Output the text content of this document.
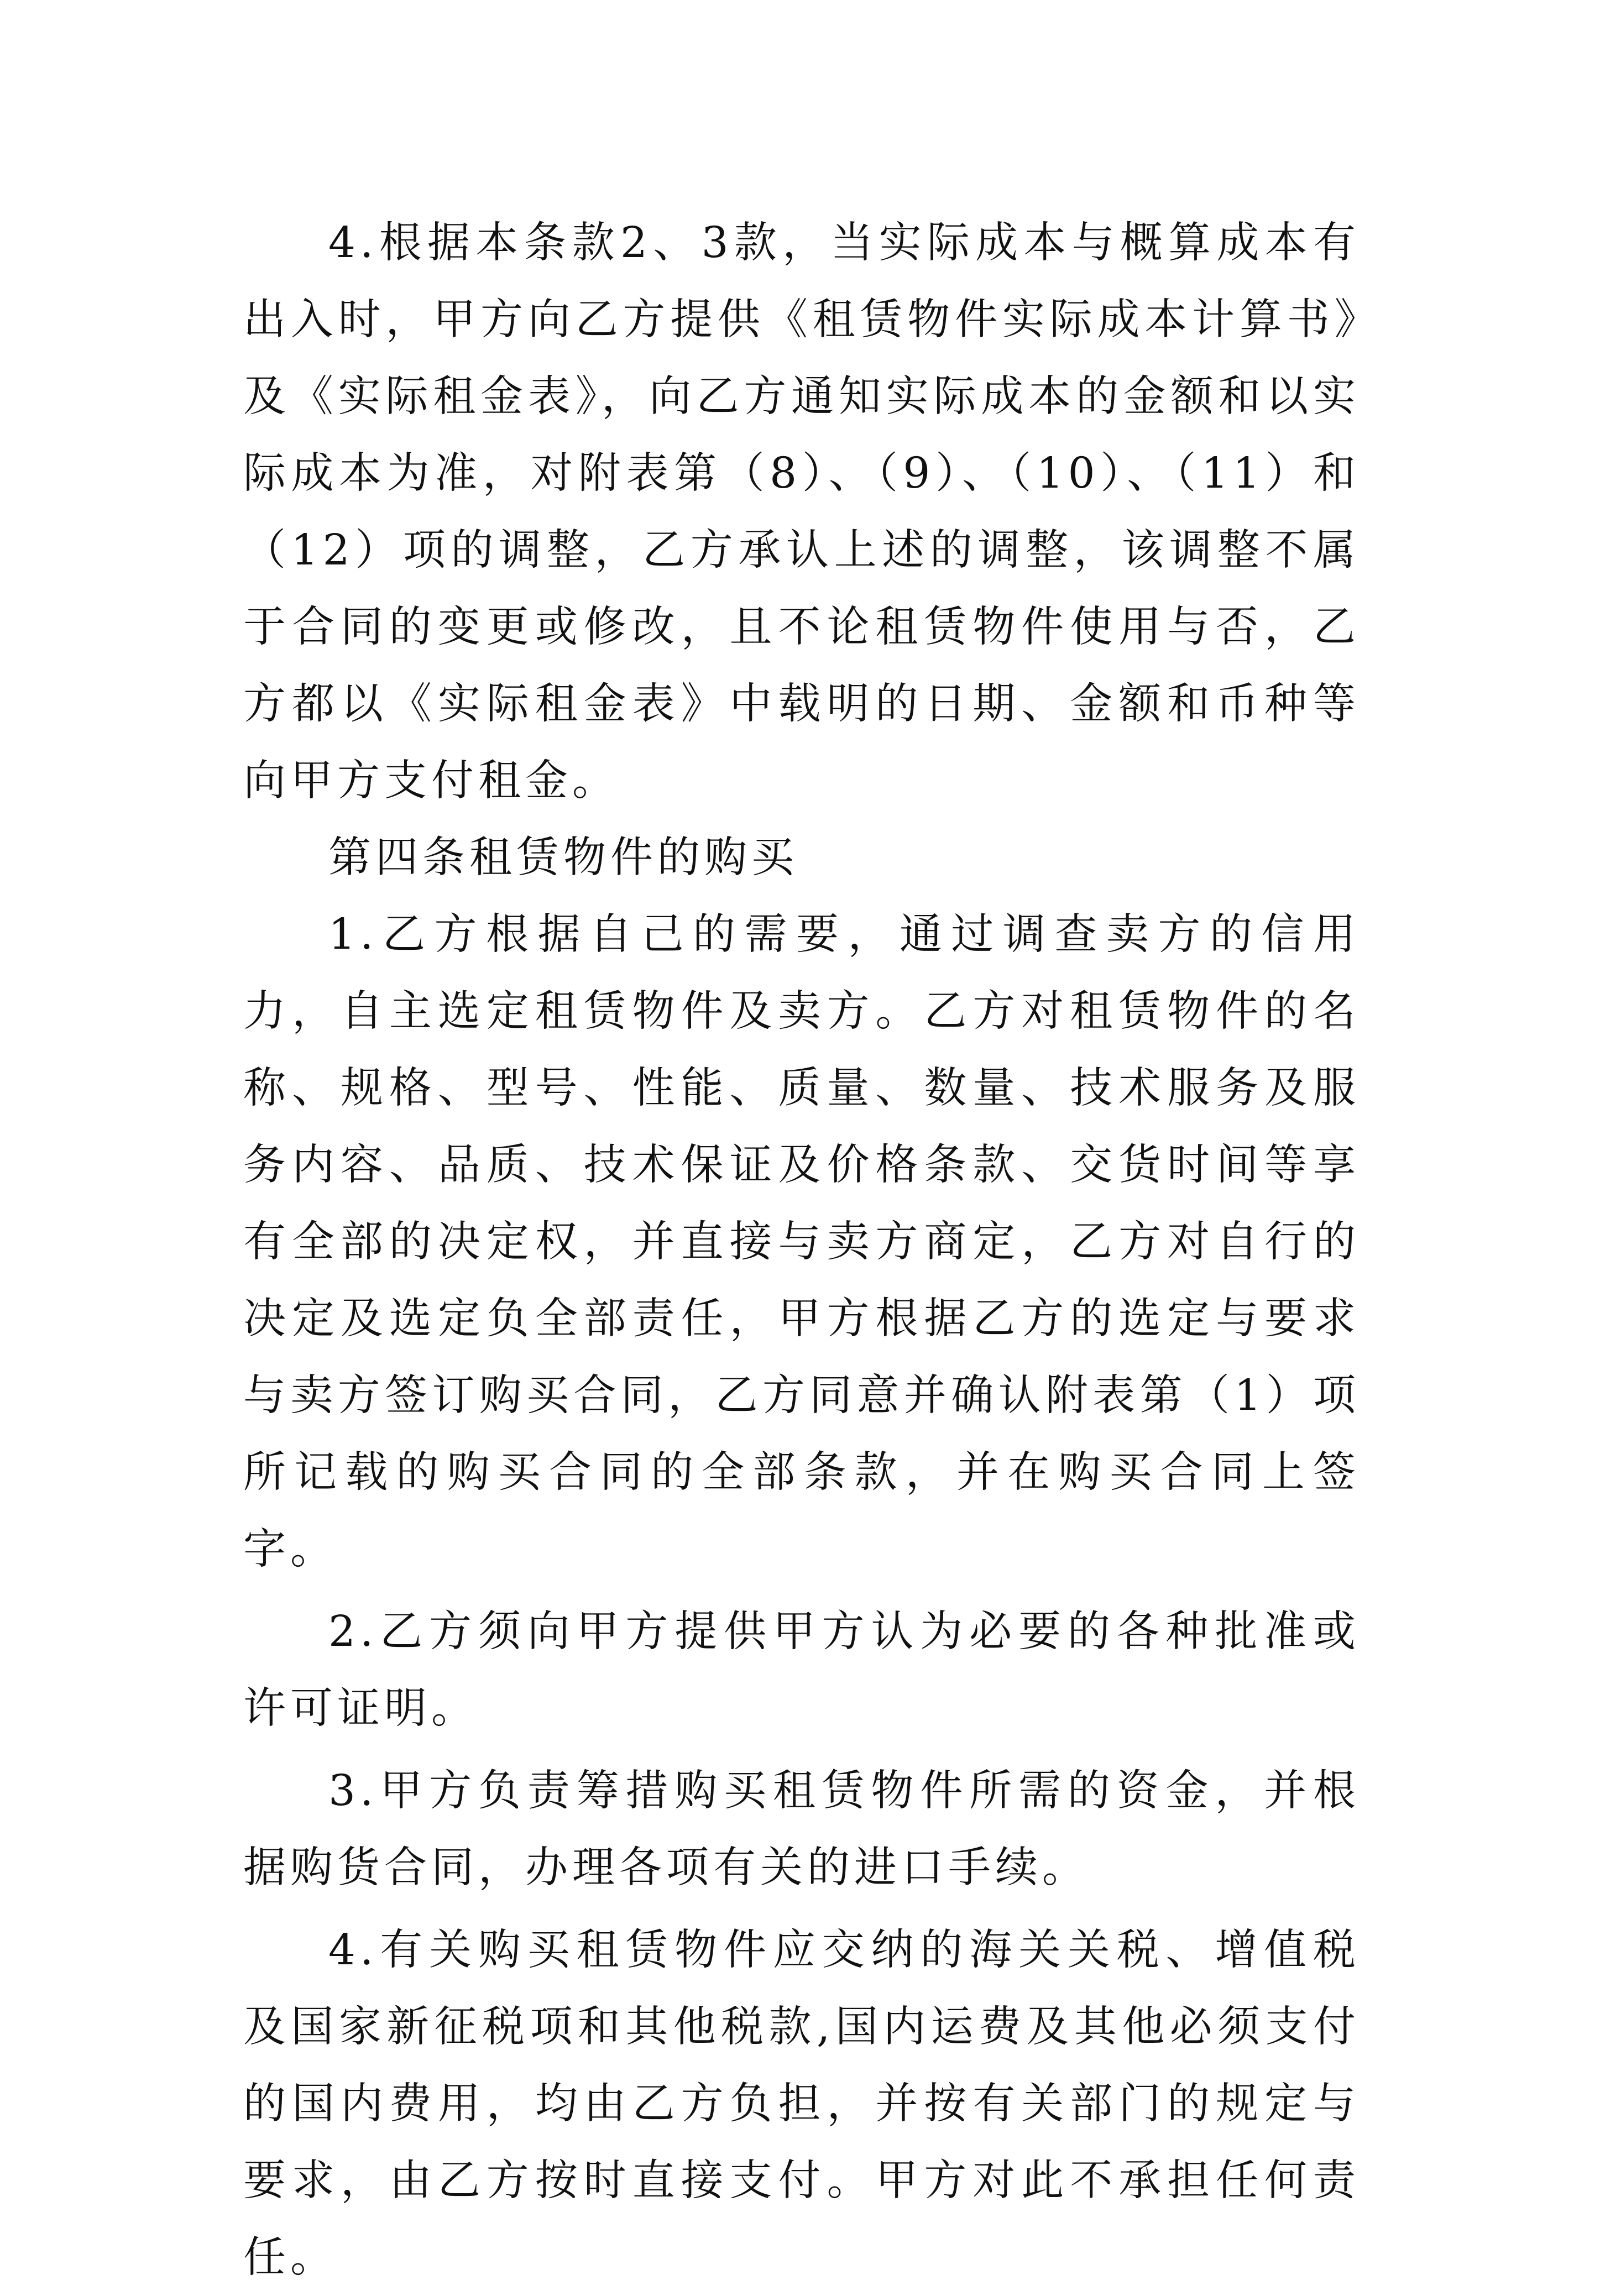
4.根据本条款2、3款，当实际成本与概算成本有出入时，甲方向乙方提供《租赁物件实际成本计算书》及《实际租金表》，向乙方通知实际成本的金额和以实际成本为准，对附表第（8）、（9）、（10）、（11）和（12）项的调整，乙方承认上述的调整，该调整不属于合同的变更或修改，且不论租赁物件使用与否，乙方都以《实际租金表》中载明的日期、金额和币种等向甲方支付租金。

第四条租赁物件的购买

1.乙方根据自己的需要，通过调查卖方的信用力，自主选定租赁物件及卖方。乙方对租赁物件的名称、规格、型号、性能、质量、数量、技术服务及服务内容、品质、技术保证及价格条款、交货时间等享有全部的决定权，并直接与卖方商定，乙方对自行的决定及选定负全部责任，甲方根据乙方的选定与要求与卖方签订购买合同，乙方同意并确认附表第（1）项所记载的购买合同的全部条款，并在购买合同上签字。

2.乙方须向甲方提供甲方认为必要的各种批准或许可证明。

3.甲方负责筹措购买租赁物件所需的资金，并根据购货合同，办理各项有关的进口手续。

4.有关购买租赁物件应交纳的海关关税、增值税及国家新征税项和其他税款,国内运费及其他必须支付的国内费用，均由乙方负担，并按有关部门的规定与要求，由乙方按时直接支付。甲方对此不承担任何责任。
